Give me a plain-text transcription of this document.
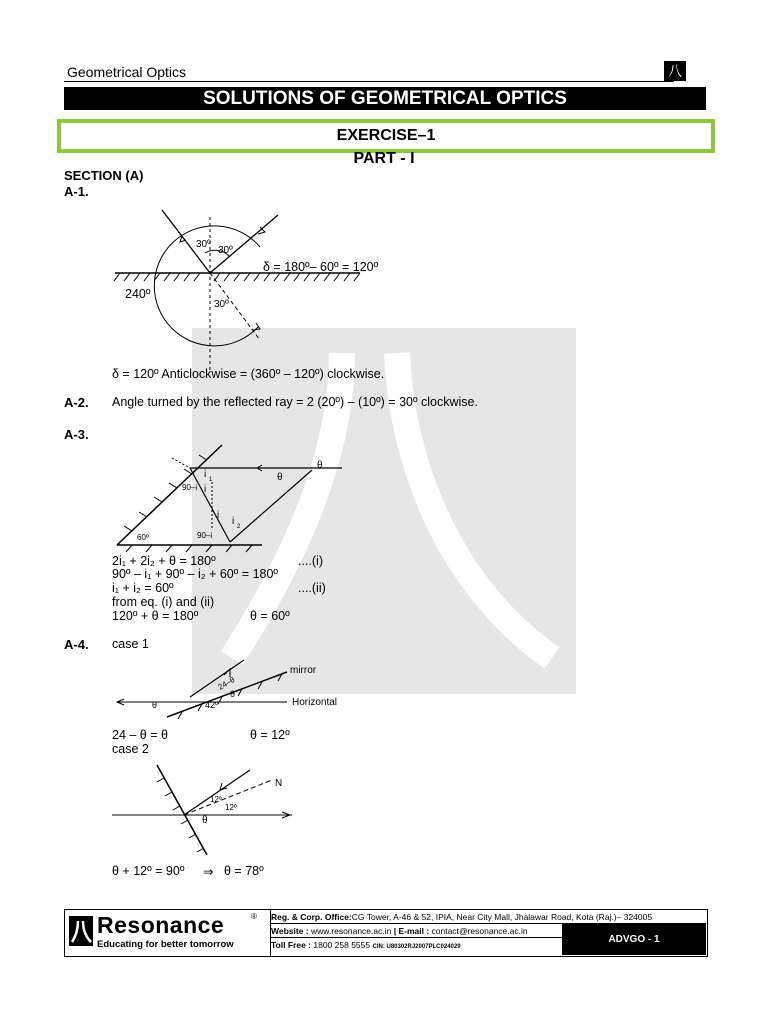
Geometrical Optics	八
SOLUTIONS OF GEOMETRICAL OPTICS
EXERCISE–1
PART - I
SECTION (A)
A-1.
30º
30º
30º
240º
δ = 180º– 60º = 120º
δ = 120º Anticlockwise = (360º – 120º) clockwise.
A-2. Angle turned by the reflected ray = 2 (20º) – (10º) = 30º clockwise.
A-3.
θ
θ
i
i
i
i
1
2
90–i
90–i
60º
2i₁ + 2i₂ + θ = 180º	....(i)
90º – i₁ + 90º – i₂ + 60º = 180º
i₁ + i₂ = 60º	....(ii)
from eq. (i) and (ii)
120º + θ = 180º	θ = 60º
A-4. case 1
mirror
Horizontal
24–θ
θ
θ
42º
24 – θ = θ	θ = 12º
case 2
N
12º
12º
θ
θ + 12º = 90º ⇒ θ = 78º
Resonance	®
Educating for better tomorrow
Reg. & Corp. Office:CG Tower, A-46 & 52, IPIA, Near City Mall, Jhalawar Road, Kota (Raj.)– 324005
Website : www.resonance.ac.in | E-mail : contact@resonance.ac.in
Toll Free : 1800 258 5555 CIN: U80302RJ2007PLC024029
ADVGO - 1
